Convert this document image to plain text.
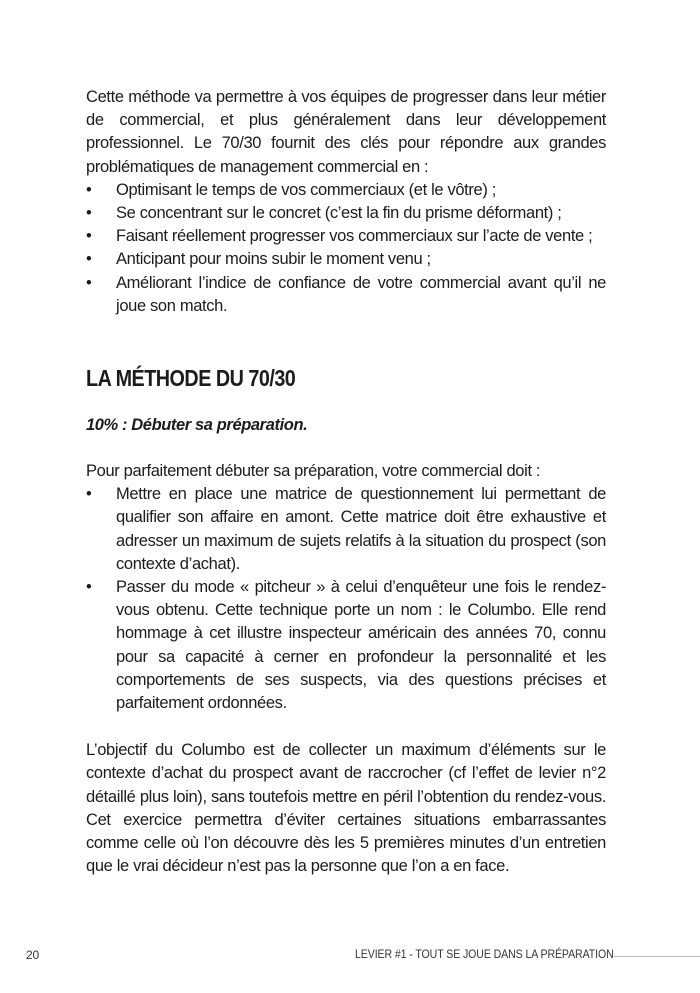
Cette méthode va permettre à vos équipes de progresser dans leur métier de commercial, et plus généralement dans leur développement professionnel. Le 70/30 fournit des clés pour répondre aux grandes problématiques de management commercial en :

• Optimisant le temps de vos commerciaux (et le vôtre) ;
• Se concentrant sur le concret (c’est la fin du prisme déformant) ;
• Faisant réellement progresser vos commerciaux sur l’acte de vente ;
• Anticipant pour moins subir le moment venu ;
• Améliorant l’indice de confiance de votre commercial avant qu’il ne joue son match.
LA MÉTHODE DU 70/30

10% : Débuter sa préparation.

Pour parfaitement débuter sa préparation, votre commercial doit :

• Mettre en place une matrice de questionnement lui permettant de qualifier son affaire en amont. Cette matrice doit être exhaustive et adresser un maximum de sujets relatifs à la situation du prospect (son contexte d’achat).
• Passer du mode « pitcheur » à celui d’enquêteur une fois le rendez-vous obtenu. Cette technique porte un nom : le Columbo. Elle rend hommage à cet illustre inspecteur américain des années 70, connu pour sa capacité à cerner en profondeur la personnalité et les comportements de ses suspects, via des questions précises et parfaitement ordonnées.

L’objectif du Columbo est de collecter un maximum d’éléments sur le contexte d’achat du prospect avant de raccrocher (cf l’effet de levier n°2 détaillé plus loin), sans toutefois mettre en péril l’obtention du rendez-vous. Cet exercice permettra d’éviter certaines situations embarrassantes comme celle où l’on découvre dès les 5 premières minutes d’un entretien que le vrai décideur n’est pas la personne que l’on a en face.

20	LEVIER #1 - TOUT SE JOUE DANS LA PRÉPARATION
